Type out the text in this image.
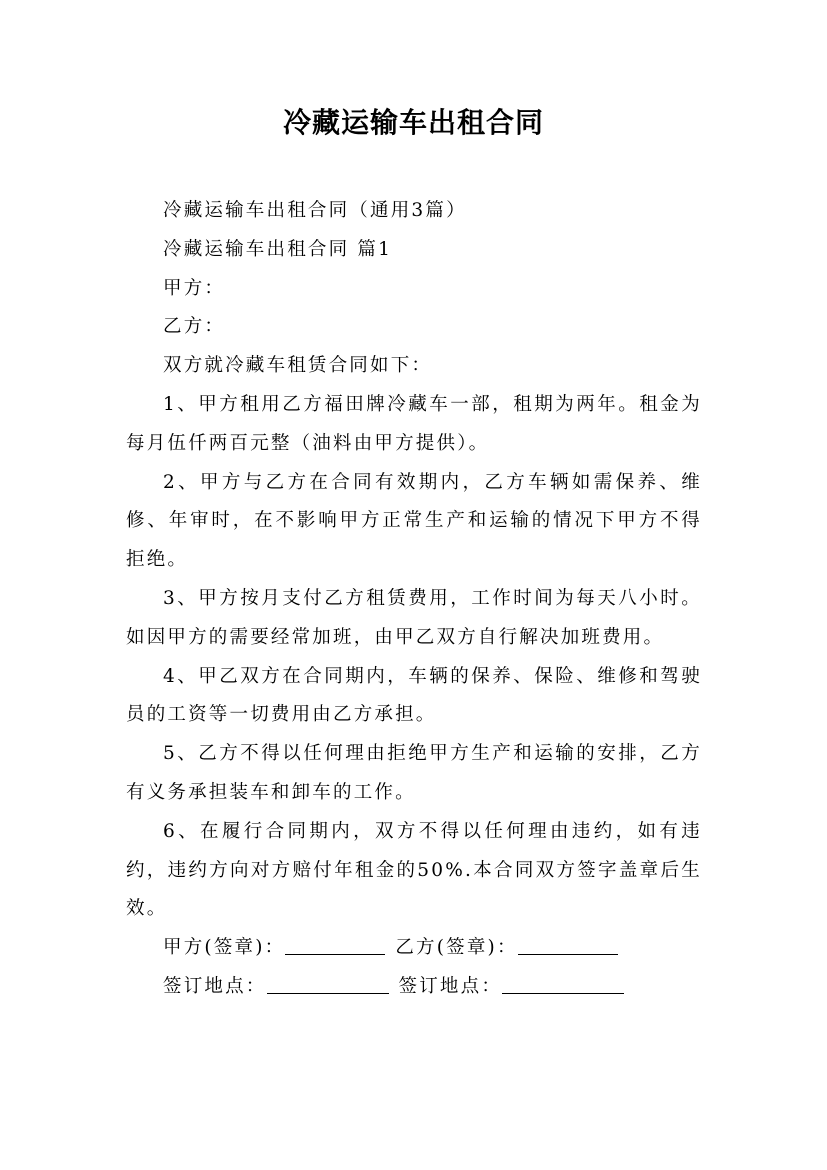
冷藏运输车出租合同

冷藏运输车出租合同（通用3篇）

冷藏运输车出租合同 篇1

甲方：

乙方：

双方就冷藏车租赁合同如下：

1、甲方租用乙方福田牌冷藏车一部，租期为两年。租金为每月伍仟两百元整（油料由甲方提供）。

2、甲方与乙方在合同有效期内，乙方车辆如需保养、维修、年审时，在不影响甲方正常生产和运输的情况下甲方不得拒绝。

3、甲方按月支付乙方租赁费用，工作时间为每天八小时。如因甲方的需要经常加班，由甲乙双方自行解决加班费用。

4、甲乙双方在合同期内，车辆的保养、保险、维修和驾驶员的工资等一切费用由乙方承担。

5、乙方不得以任何理由拒绝甲方生产和运输的安排，乙方有义务承担装车和卸车的工作。

6、在履行合同期内，双方不得以任何理由违约，如有违约，违约方向对方赔付年租金的50%.本合同双方签字盖章后生效。

甲方(签章)：	乙方(签章)：

签订地点：	签订地点：
